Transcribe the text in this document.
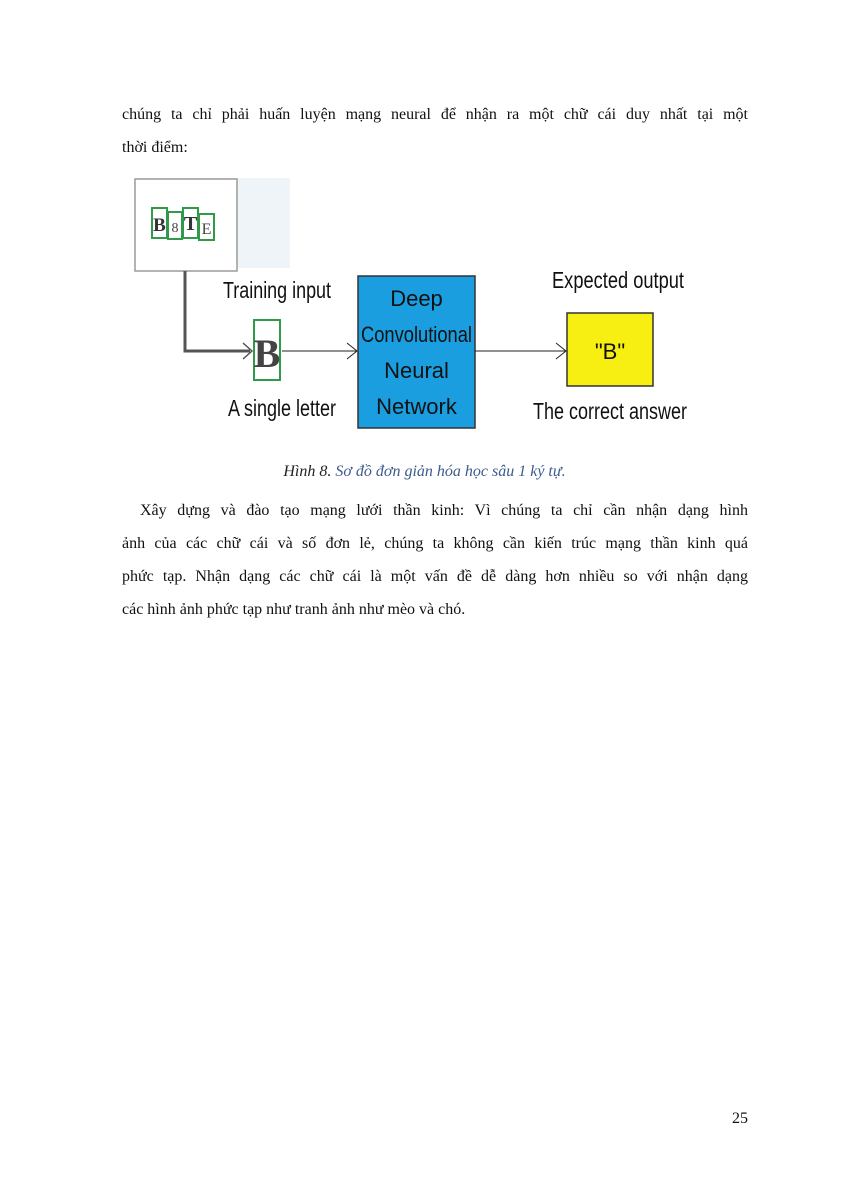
chúng ta chỉ phải huấn luyện mạng neural để nhận ra một chữ cái duy nhất tại một
thời điểm:
B 8 T E
Training input
B
A single letter
Deep
Convolutional
Neural
Network
Expected output
"B"
The correct answer
Hình 8. Sơ đồ đơn giản hóa học sâu 1 ký tự.
Xây dựng và đào tạo mạng lưới thần kinh: Vì chúng ta chỉ cần nhận dạng hình
ảnh của các chữ cái và số đơn lẻ, chúng ta không cần kiến trúc mạng thần kinh quá
phức tạp. Nhận dạng các chữ cái là một vấn đề dễ dàng hơn nhiều so với nhận dạng
các hình ảnh phức tạp như tranh ảnh như mèo và chó.
25
